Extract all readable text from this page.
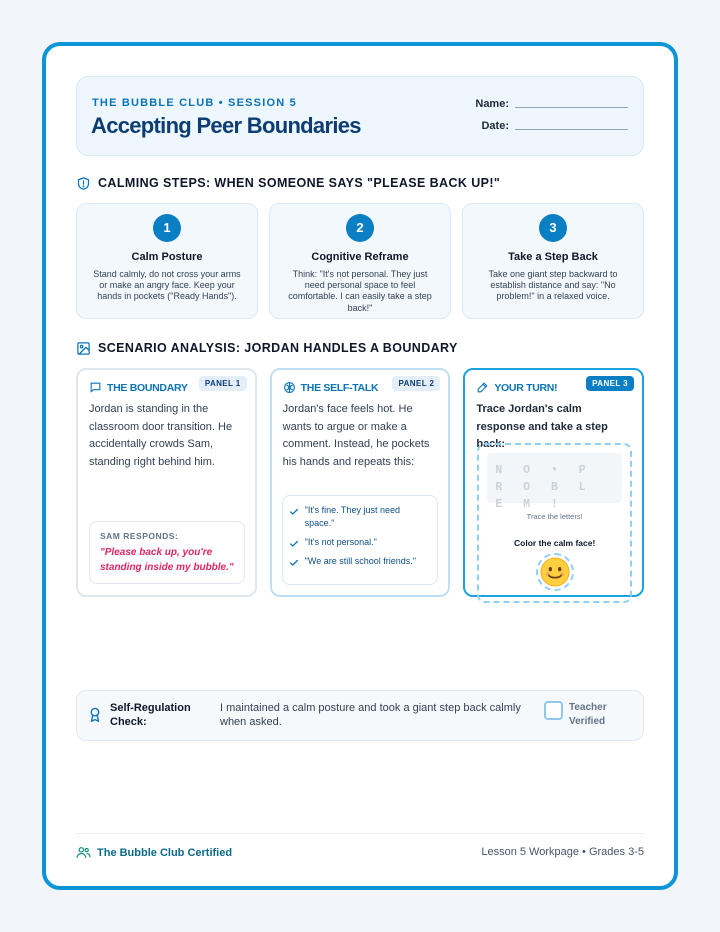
THE BUBBLE CLUB • SESSION 5
Accepting Peer Boundaries
Name:
Date:
CALMING STEPS: WHEN SOMEONE SAYS "PLEASE BACK UP!"
1
Calm Posture
Stand calmly, do not cross your arms or make an angry face. Keep your hands in pockets ("Ready Hands").
2
Cognitive Reframe
Think: "It's not personal. They just need personal space to feel comfortable. I can easily take a step back!"
3
Take a Step Back
Take one giant step backward to establish distance and say: "No problem!" in a relaxed voice.
SCENARIO ANALYSIS: JORDAN HANDLES A BOUNDARY
THE BOUNDARY	PANEL 1
Jordan is standing in the classroom door transition. He accidentally crowds Sam, standing right behind him.
SAM RESPONDS:
"Please back up, you're standing inside my bubble."
THE SELF-TALK	PANEL 2
Jordan's face feels hot. He wants to argue or make a comment. Instead, he pockets his hands and repeats this:
"It's fine. They just need space."
"It's not personal."
"We are still school friends."
YOUR TURN!	PANEL 3
Trace Jordan's calm response and take a step back:
N O • P R O B L E M !
Trace the letters!
Color the calm face!
Self-Regulation Check:
I maintained a calm posture and took a giant step back calmly when asked.
Teacher Verified
The Bubble Club Certified	Lesson 5 Workpage • Grades 3-5
